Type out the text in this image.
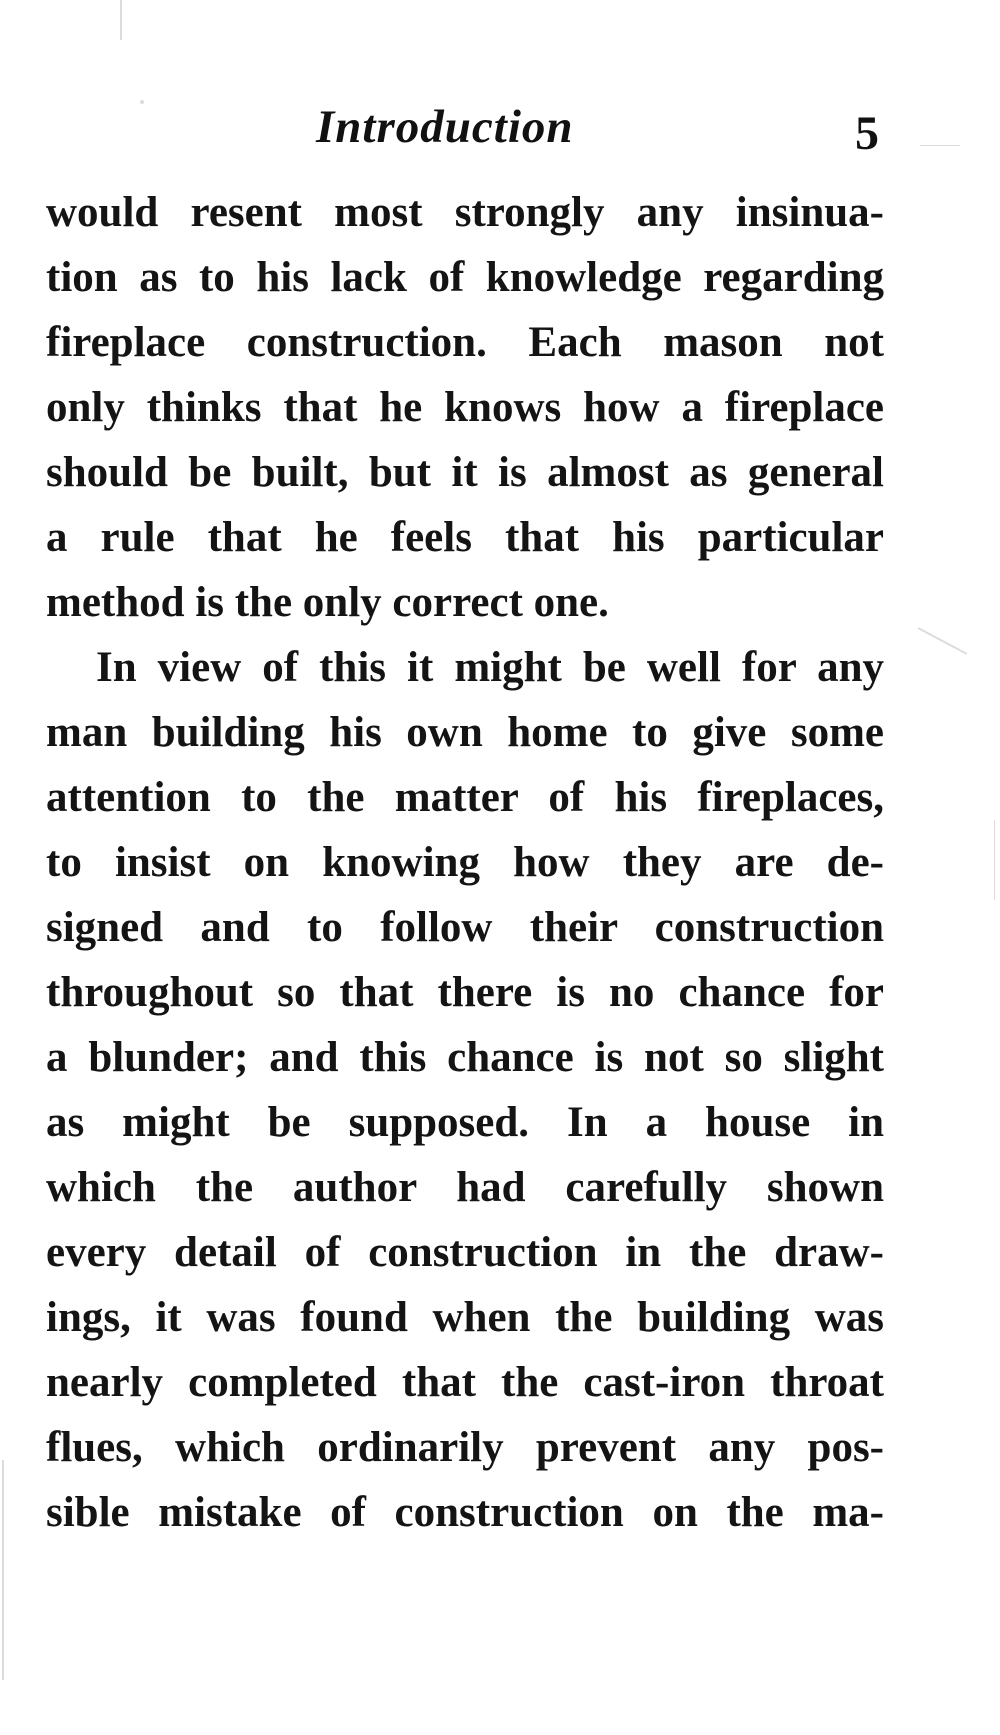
Introduction	5
would resent most strongly any insinua-
tion as to his lack of knowledge regarding
fireplace construction. Each mason not
only thinks that he knows how a fireplace
should be built, but it is almost as general
a rule that he feels that his particular
method is the only correct one.
In view of this it might be well for any
man building his own home to give some
attention to the matter of his fireplaces,
to insist on knowing how they are de-
signed and to follow their construction
throughout so that there is no chance for
a blunder; and this chance is not so slight
as might be supposed. In a house in
which the author had carefully shown
every detail of construction in the draw-
ings, it was found when the building was
nearly completed that the cast-iron throat
flues, which ordinarily prevent any pos-
sible mistake of construction on the ma-
